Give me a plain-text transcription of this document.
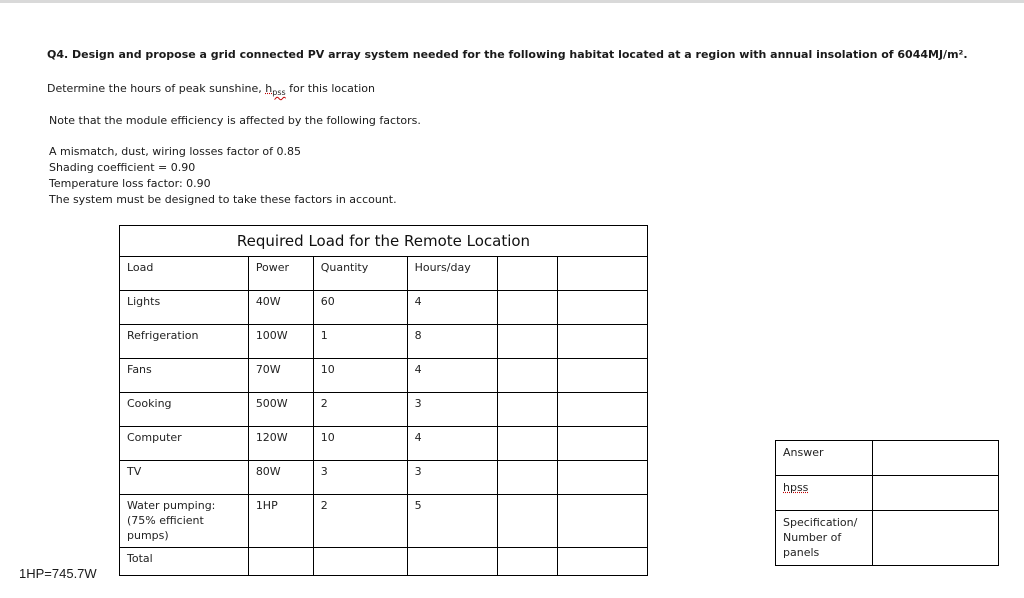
Q4. Design and propose a grid connected PV array system needed for the following habitat located at a region with annual insolation of 6044MJ/m².
Determine the hours of peak sunshine, $h_{pss}$ for this location
Note that the module efficiency is affected by the following factors.
A mismatch, dust, wiring losses factor of 0.85
Shading coefficient = 0.90
Temperature loss factor: 0.90
The system must be designed to take these factors in account.
Required Load for the Remote Location					
Load	Power	Quantity	Hours/day		
Lights	40W	60	4		
Refrigeration	100W	1	8		
Fans	70W	10	4		
Cooking	500W	2	3		
Computer	120W	10	4		
TV	80W	3	3		
Water pumping:
(75% efficient
pumps)	1HP	2	5		
Total					
Answer	
hpss	
Specification/
Number of
panels	
1HP=745.7W
